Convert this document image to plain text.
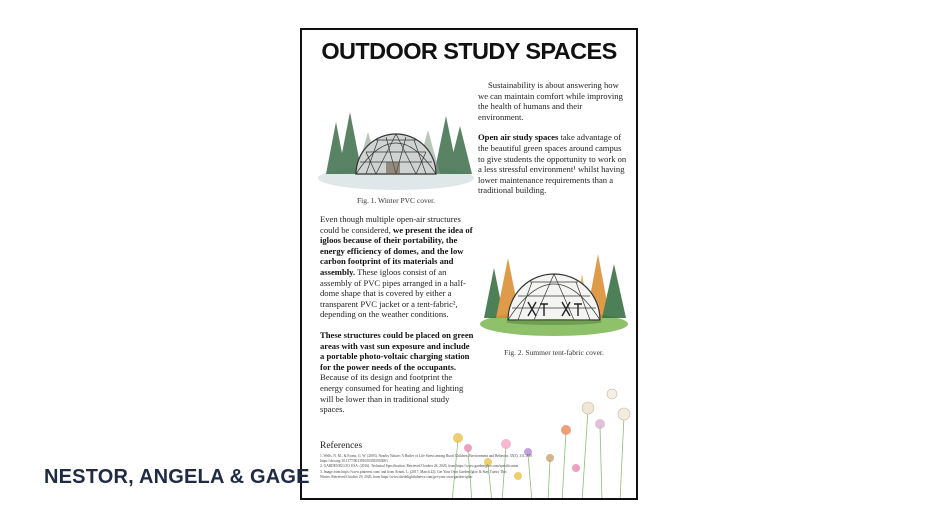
OUTDOOR STUDY SPACES
Fig. 1. Winter PVC cover.

Sustainability is about answering how we can maintain comfort while improving the health of humans and their environment.

Open air study spaces take advantage of the beautiful green spaces around campus to give students the opportunity to work on a less stressful environment¹ whilst having lower maintenance requirements than a traditional building.

Even though multiple open-air structures could be considered, we present the idea of igloos because of their portability, the energy efficiency of domes, and the low carbon footprint of its materials and assembly. These igloos consist of an assembly of PVC pipes arranged in a half-dome shape that is covered by either a transparent PVC jacket or a tent-fabric², depending on the weather conditions.

These structures could be placed on green areas with vast sun exposure and include a portable photo-voltaic charging station for the power needs of the occupants. Because of its design and footprint the energy consumed for heating and lighting will be lower than in traditional study spaces.

Fig. 2. Summer tent-fabric cover.
References
1. Wells, N. M., & Evans, G. W. (2003). Nearby Nature: A Buffer of Life Stress among Rural Children. Environment and Behavior, 35(3), 311–330.
https://doi.org/10.1177/0013916503035003001
2. GARDENIGLOO USA. (2016). Technical Specification. Retrieved October 26, 2020, from https://www.gardenigloo.com/specification
3. Image from https://www.pinterest.com/ and from Arnott, L. (2017, March 22). Get Your Own Garden Igloo & Stay Toasty This
Winter. Retrieved October 29, 2020, from https://www.thedelightfulnews.com/get-your-own-garden-igloo
NESTOR, ANGELA & GAGE
